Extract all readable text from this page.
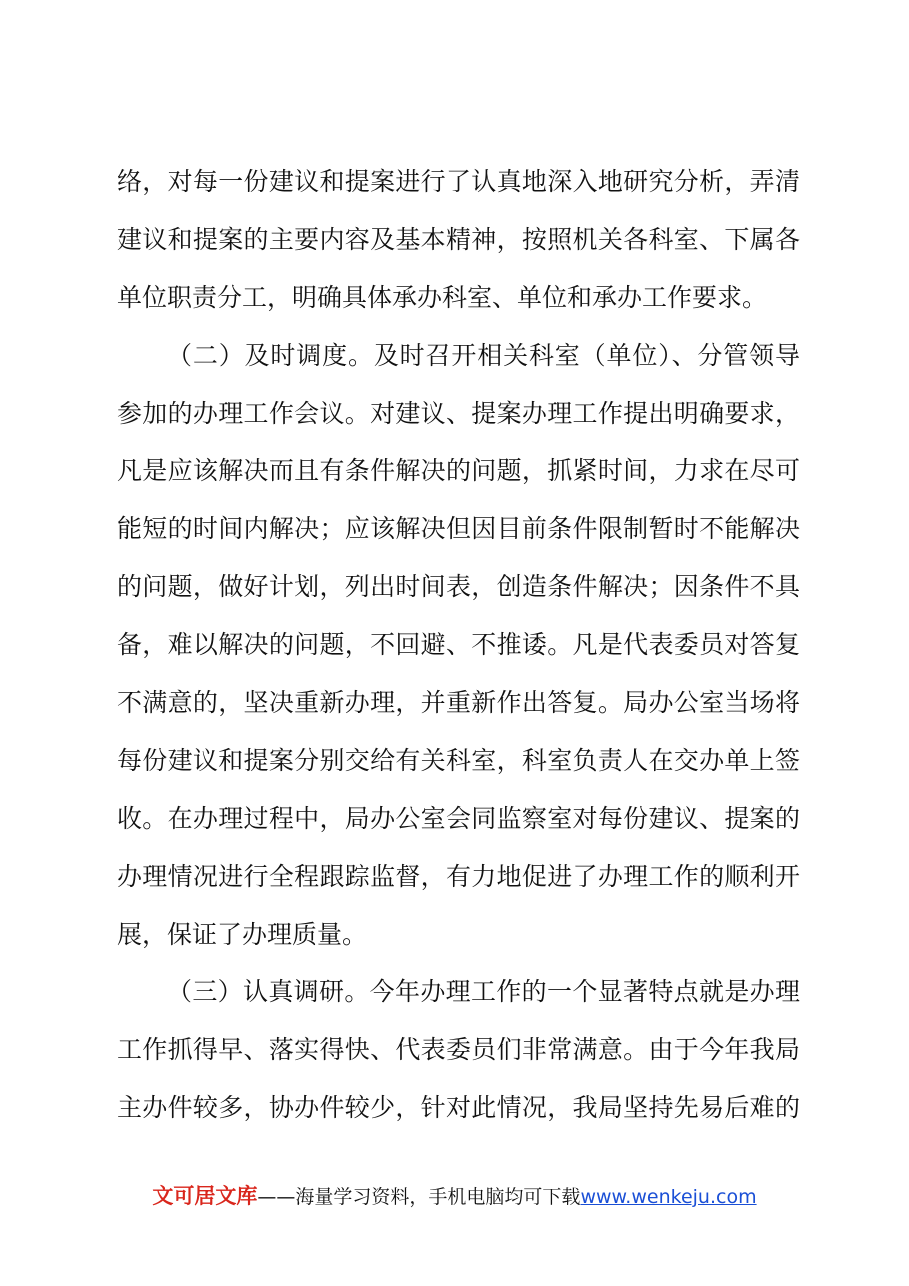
络，对每一份建议和提案进行了认真地深入地研究分析，弄清
建议和提案的主要内容及基本精神，按照机关各科室、下属各
单位职责分工，明确具体承办科室、单位和承办工作要求。
（二）及时调度。及时召开相关科室（单位）、分管领导
参加的办理工作会议。对建议、提案办理工作提出明确要求，
凡是应该解决而且有条件解决的问题，抓紧时间，力求在尽可
能短的时间内解决；应该解决但因目前条件限制暂时不能解决
的问题，做好计划，列出时间表，创造条件解决；因条件不具
备，难以解决的问题，不回避、不推诿。凡是代表委员对答复
不满意的，坚决重新办理，并重新作出答复。局办公室当场将
每份建议和提案分别交给有关科室，科室负责人在交办单上签
收。在办理过程中，局办公室会同监察室对每份建议、提案的
办理情况进行全程跟踪监督，有力地促进了办理工作的顺利开
展，保证了办理质量。
（三）认真调研。今年办理工作的一个显著特点就是办理
工作抓得早、落实得快、代表委员们非常满意。由于今年我局
主办件较多，协办件较少，针对此情况，我局坚持先易后难的
文可居文库——海量学习资料，手机电脑均可下载www.wenkeju.com
